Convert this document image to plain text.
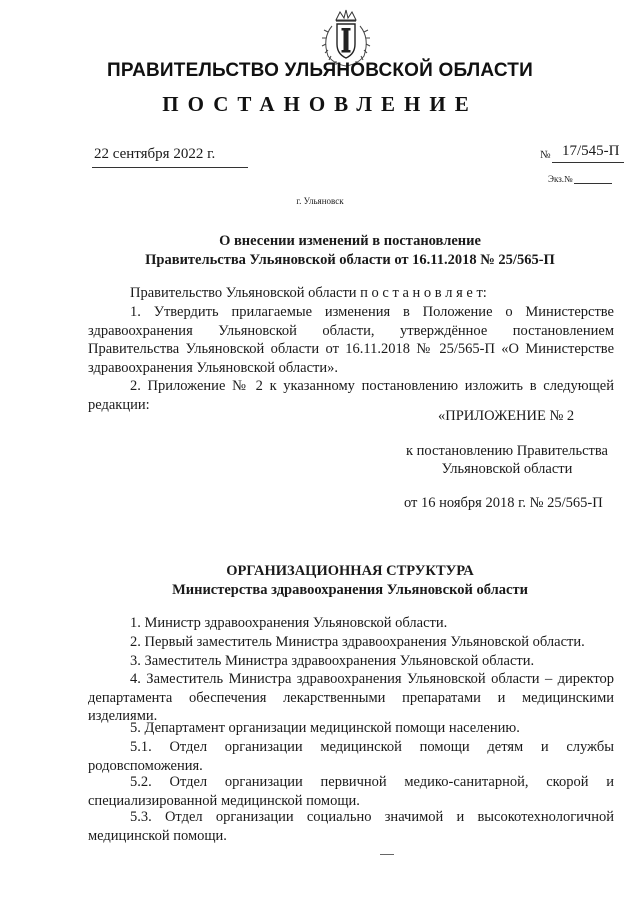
ПРАВИТЕЛЬСТВО УЛЬЯНОВСКОЙ ОБЛАСТИ
ПОСТАНОВЛЕНИЕ
22 сентября 2022 г.	№ 17/545-П
Экз.№
г. Ульяновск
О внесении изменений в постановление
Правительства Ульяновской области от 16.11.2018 № 25/565-П
Правительство Ульяновской области п о с т а н о в л я е т:
1. Утвердить прилагаемые изменения в Положение о Министерстве здравоохранения Ульяновской области, утверждённое постановлением Правительства Ульяновской области от 16.11.2018 № 25/565-П «О Министерстве здравоохранения Ульяновской области».
2. Приложение № 2 к указанному постановлению изложить в следующей редакции:
«ПРИЛОЖЕНИЕ № 2
к постановлению Правительства
Ульяновской области
от 16 ноября 2018 г. № 25/565-П
ОРГАНИЗАЦИОННАЯ СТРУКТУРА
Министерства здравоохранения Ульяновской области
1. Министр здравоохранения Ульяновской области.
2. Первый заместитель Министра здравоохранения Ульяновской области.
3. Заместитель Министра здравоохранения Ульяновской области.
4. Заместитель Министра здравоохранения Ульяновской области – директор департамента обеспечения лекарственными препаратами и медицинскими изделиями.
5. Департамент организации медицинской помощи населению.
5.1. Отдел организации медицинской помощи детям и службы родовспоможения.
5.2. Отдел организации первичной медико-санитарной, скорой и специализированной медицинской помощи.
5.3. Отдел организации социально значимой и высокотехнологичной медицинской помощи.
